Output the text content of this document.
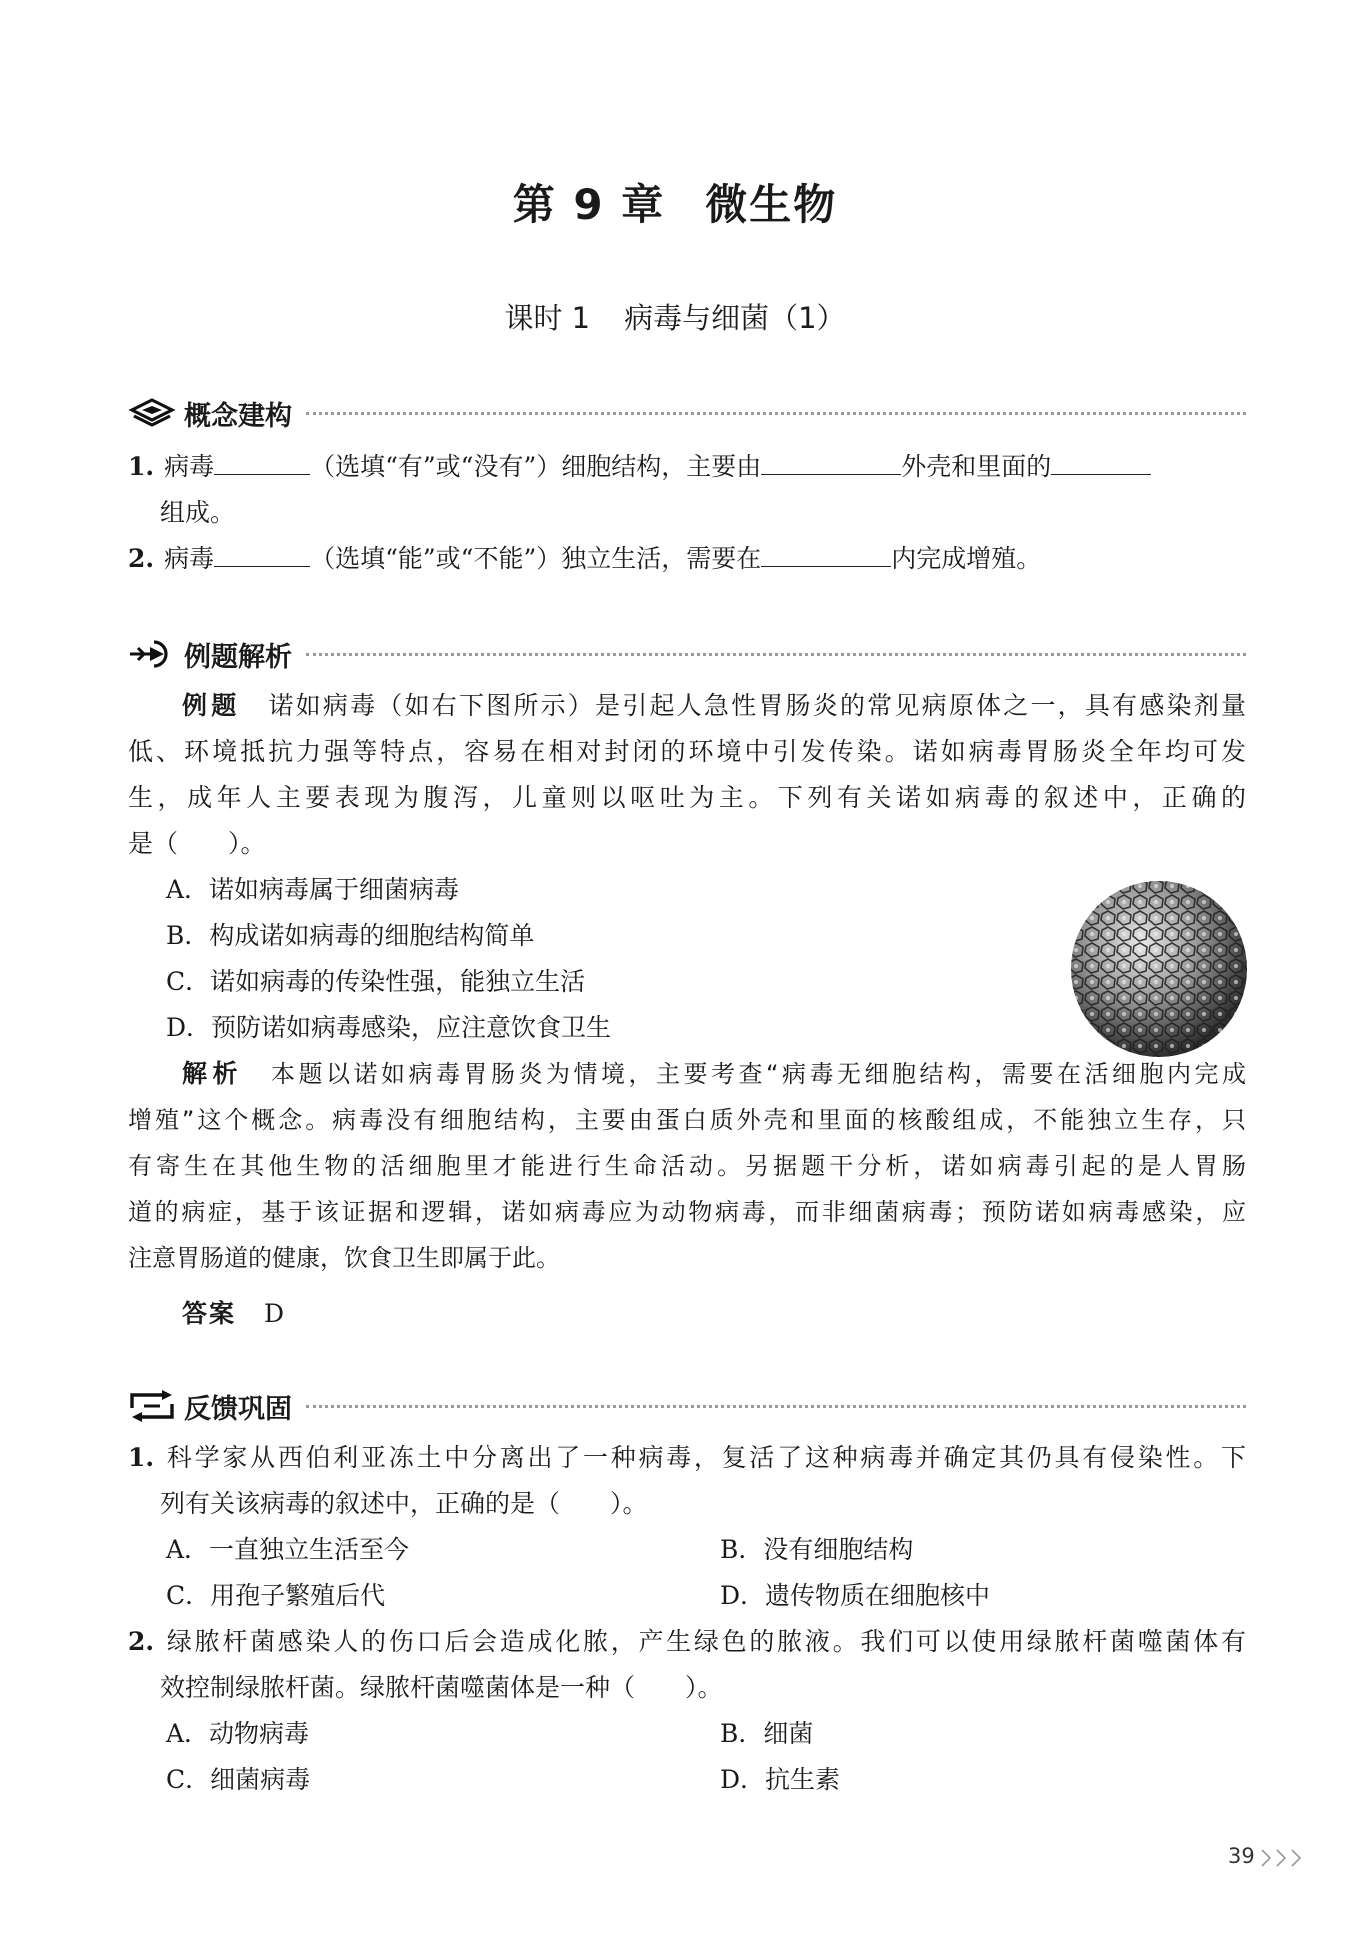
第 9 章 微生物
课时 1 病毒与细菌（1）
概念建构
1. 病毒	（选填“有”或“没有”）细胞结构，主要由	外壳和里面的
组成。
2. 病毒	（选填“能”或“不能”）独立生活，需要在	内完成增殖。
例题解析
例题 诺如病毒（如右下图所示）是引起人急性胃肠炎的常见病原体之一，具有感染剂量
低、环境抵抗力强等特点，容易在相对封闭的环境中引发传染。诺如病毒胃肠炎全年均可发
生，成年人主要表现为腹泻，儿童则以呕吐为主。下列有关诺如病毒的叙述中，正确的
是（　　）。
A．诺如病毒属于细菌病毒
B．构成诺如病毒的细胞结构简单
C．诺如病毒的传染性强，能独立生活
D．预防诺如病毒感染，应注意饮食卫生
解析 本题以诺如病毒胃肠炎为情境，主要考查“病毒无细胞结构，需要在活细胞内完成
增殖”这个概念。病毒没有细胞结构，主要由蛋白质外壳和里面的核酸组成，不能独立生存，只
有寄生在其他生物的活细胞里才能进行生命活动。另据题干分析，诺如病毒引起的是人胃肠
道的病症，基于该证据和逻辑，诺如病毒应为动物病毒，而非细菌病毒；预防诺如病毒感染，应
注意胃肠道的健康，饮食卫生即属于此。
答案 D
反馈巩固
1. 科学家从西伯利亚冻土中分离出了一种病毒，复活了这种病毒并确定其仍具有侵染性。下
列有关该病毒的叙述中，正确的是（　　）。
A．一直独立生活至今	B．没有细胞结构
C．用孢子繁殖后代	D．遗传物质在细胞核中
2. 绿脓杆菌感染人的伤口后会造成化脓，产生绿色的脓液。我们可以使用绿脓杆菌噬菌体有
效控制绿脓杆菌。绿脓杆菌噬菌体是一种（　　）。
A．动物病毒	B．细菌
C．细菌病毒	D．抗生素
39
